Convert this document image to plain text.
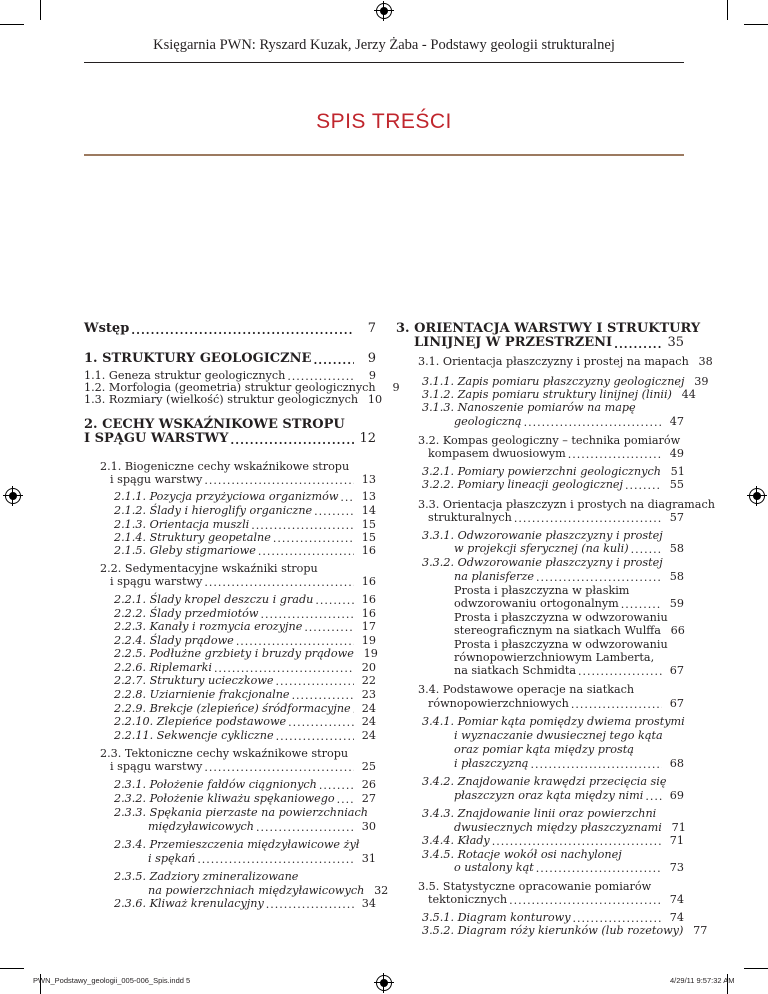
Księgarnia PWN: Ryszard Kuzak, Jerzy Żaba - Podstawy geologii strukturalnej
SPIS TREŚCI
Wstęp .....	7
1. STRUKTURY GEOLOGICZNE .....	9
1.1. Geneza struktur geologicznych .....	9
1.2. Morfologia (geometria) struktur geologicznych	9
1.3. Rozmiary (wielkość) struktur geologicznych 10
2. CECHY WSKAŹNIKOWE STROPU
I SPĄGU WARSTWY .....	12
2.1. Biogeniczne cechy wskaźnikowe stropu
i spągu warstwy .....	13
2.1.1. Pozycja przyżyciowa organizmów .....	13
2.1.2. Ślady i hieroglify organiczne .....	14
2.1.3. Orientacja muszli .....	15
2.1.4. Struktury geopetalne .....	15
2.1.5. Gleby stigmariowe .....	16
2.2. Sedymentacyjne wskaźniki stropu
i spągu warstwy .....	16
2.2.1. Ślady kropel deszczu i gradu .....	16
2.2.2. Ślady przedmiotów .....	16
2.2.3. Kanały i rozmycia erozyjne .....	17
2.2.4. Ślady prądowe .....	19
2.2.5. Podłużne grzbiety i bruzdy prądowe 19
2.2.6. Riplemarki .....	20
2.2.7. Struktury ucieczkowe .....	22
2.2.8. Uziarnienie frakcjonalne .....	23
2.2.9. Brekcje (zlepieńce) śródformacyjne ..... 24
2.2.10. Zlepieńce podstawowe .....	24
2.2.11. Sekwencje cykliczne .....	24
2.3. Tektoniczne cechy wskaźnikowe stropu
i spągu warstwy .....	25
2.3.1. Położenie fałdów ciągnionych .....	26
2.3.2. Położenie kliważu spękaniowego .....	27
2.3.3. Spękania pierzaste na powierzchniach
międzyławicowych .....	30
2.3.4. Przemieszczenia międzyławicowe żył
i spękań .....	31
2.3.5. Zadziory zmineralizowane
na powierzchniach międzyławicowych 32
2.3.6. Kliważ krenulacyjny .....	34
3. ORIENTACJA WARSTWY I STRUKTURY
LINIJNEJ W PRZESTRZENI .....	35
3.1. Orientacja płaszczyzny i prostej na mapach 38
3.1.1. Zapis pomiaru płaszczyzny geologicznej 39
3.1.2. Zapis pomiaru struktury linijnej (linii) 44
3.1.3. Nanoszenie pomiarów na mapę
geologiczną .....	47
3.2. Kompas geologiczny – technika pomiarów
kompasem dwuosiowym .....	49
3.2.1. Pomiary powierzchni geologicznych 51
3.2.2. Pomiary lineacji geologicznej .....	55
3.3. Orientacja płaszczyzn i prostych na diagramach
strukturalnych .....	57
3.3.1. Odwzorowanie płaszczyzny i prostej
w projekcji sferycznej (na kuli) .....	58
3.3.2. Odwzorowanie płaszczyzny i prostej
na planisferze .....	58
Prosta i płaszczyzna w płaskim
odwzorowaniu ortogonalnym .....	59
Prosta i płaszczyzna w odwzorowaniu
stereograficznym na siatkach Wulffa 66
Prosta i płaszczyzna w odwzorowaniu
równopowierzchniowym Lamberta,
na siatkach Schmidta .....	67
3.4. Podstawowe operacje na siatkach
równopowierzchniowych .....	67
3.4.1. Pomiar kąta pomiędzy dwiema prostymi
i wyznaczanie dwusiecznej tego kąta
oraz pomiar kąta między prostą
i płaszczyzną .....	68
3.4.2. Znajdowanie krawędzi przecięcia się
płaszczyzn oraz kąta między nimi .....	69
3.4.3. Znajdowanie linii oraz powierzchni
dwusiecznych między płaszczyznami 71
3.4.4. Kłady .....	71
3.4.5. Rotacje wokół osi nachylonej
o ustalony kąt .....	73
3.5. Statystyczne opracowanie pomiarów
tektonicznych .....	74
3.5.1. Diagram konturowy .....	74
3.5.2. Diagram róży kierunków (lub rozetowy) 77
PWN_Podstawy_geologii_005-006_Spis.indd 5	4/29/11 9:57:32 AM
